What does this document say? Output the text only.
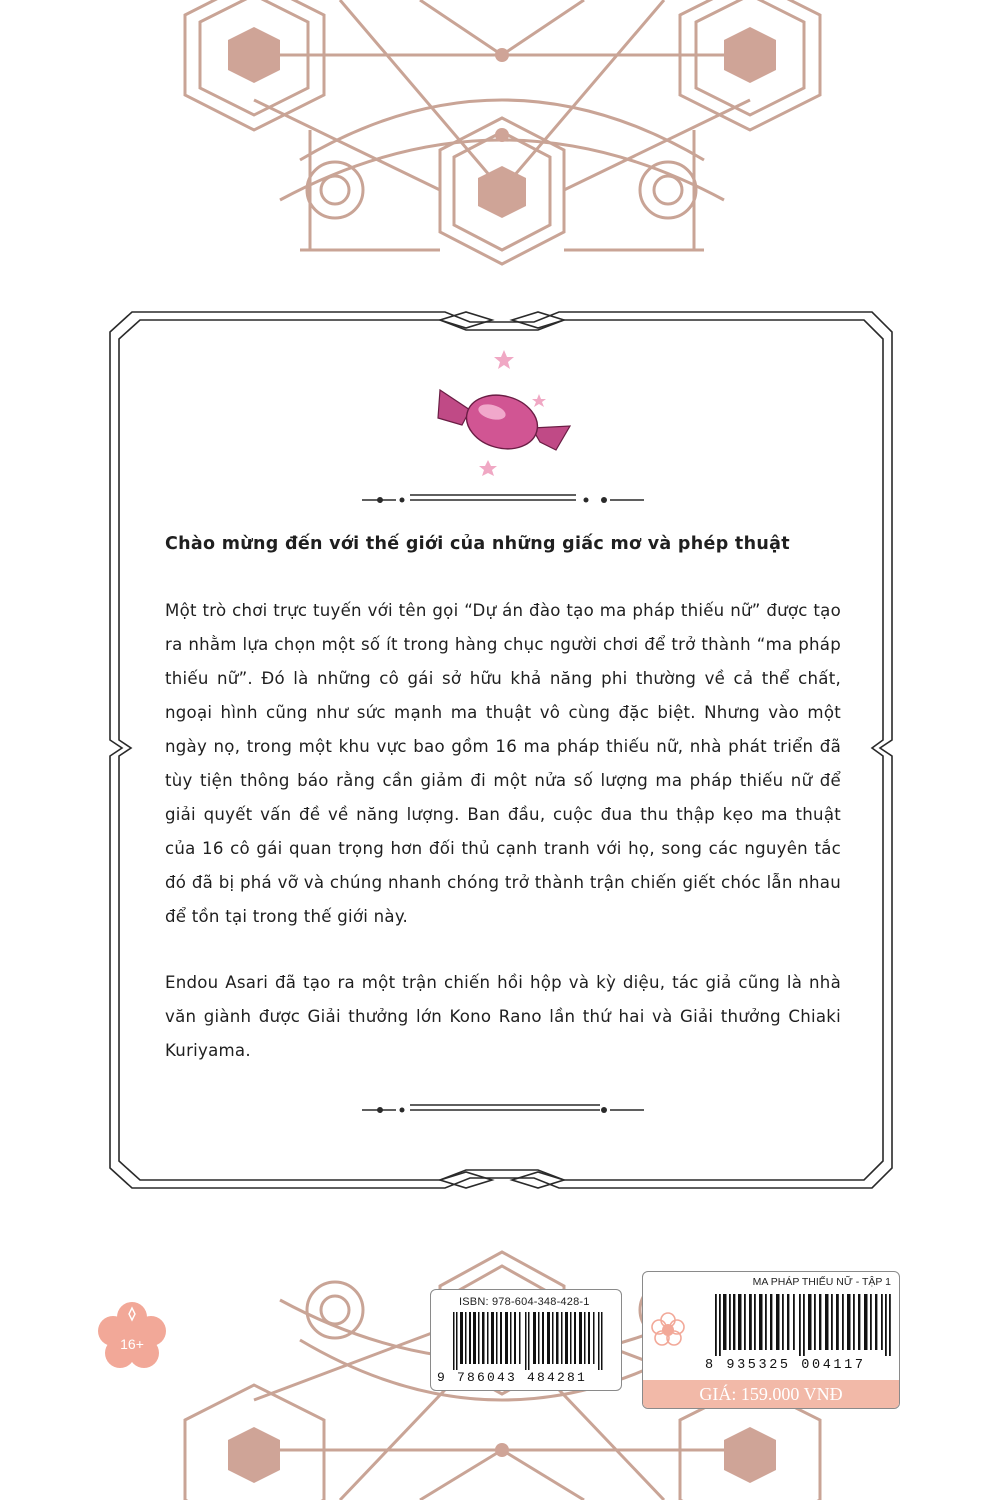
Chào mừng đến với thế giới của những giấc mơ và phép thuật
Một trò chơi trực tuyến với tên gọi “Dự án đào tạo ma pháp thiếu nữ” được tạo ra nhằm lựa chọn một số ít trong hàng chục người chơi để trở thành “ma pháp thiếu nữ”. Đó là những cô gái sở hữu khả năng phi thường về cả thể chất, ngoại hình cũng như sức mạnh ma thuật vô cùng đặc biệt. Nhưng vào một ngày nọ, trong một khu vực bao gồm 16 ma pháp thiếu nữ, nhà phát triển đã tùy tiện thông báo rằng cần giảm đi một nửa số lượng ma pháp thiếu nữ để giải quyết vấn đề về năng lượng. Ban đầu, cuộc đua thu thập kẹo ma thuật của 16 cô gái quan trọng hơn đối thủ cạnh tranh với họ, song các nguyên tắc đó đã bị phá vỡ và chúng nhanh chóng trở thành trận chiến giết chóc lẫn nhau để tồn tại trong thế giới này.
Endou Asari đã tạo ra một trận chiến hồi hộp và kỳ diệu, tác giả cũng là nhà văn giành được Giải thưởng lớn Kono Rano lần thứ hai và Giải thưởng Chiaki Kuriyama.
16+
ISBN: 978-604-348-428-1
9 786043 484281
MA PHÁP THIẾU NỮ - TẬP 1
8 935325 004117
GIÁ: 159.000 VNĐ
